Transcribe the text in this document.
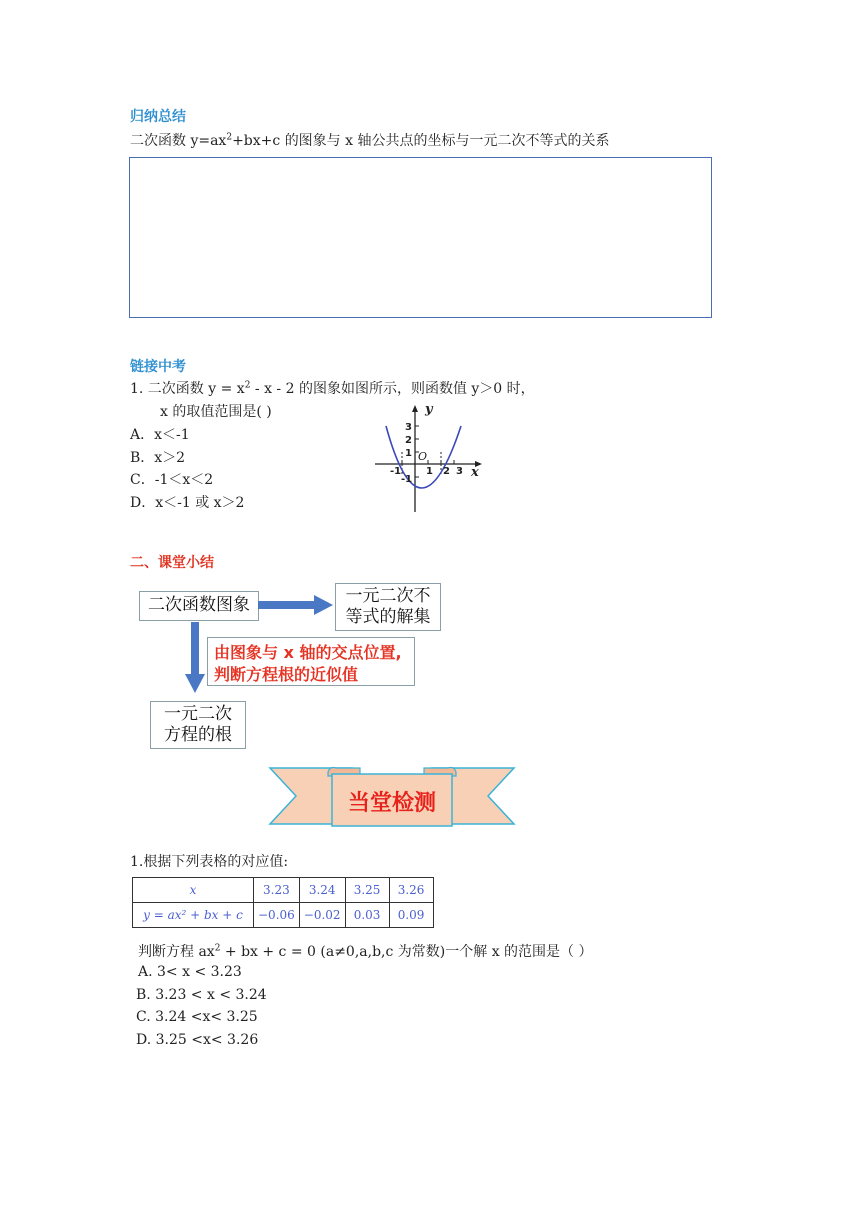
归纳总结
二次函数 $y=ax^2+bx+c$ 的图象与 x 轴公共点的坐标与一元二次不等式的关系
链接中考
1. 二次函数 $y = x^2 - x - 2$ 的图象如图所示，则函数值 y＞0 时，
x 的取值范围是( )
A．x＜-1
B．x＞2
C．-1＜x＜2
D．x＜-1 或 x＞2
y
x
O
3
2
1
-1
-1 1 2 3
二、课堂小结
二次函数图象	一元二次不
等式的解集
由图象与 x 轴的交点位置,
判断方程根的近似值
一元二次
方程的根
当堂检测
1.根据下列表格的对应值:
x	3.23	3.24	3.25	3.26
y = ax² + bx + c	−0.06	−0.02	0.03	0.09
判断方程 $ax^2$ + bx + c = 0 (a≠0,a,b,c 为常数)一个解 x 的范围是（ ）
A. 3< x < 3.23
B. 3.23 < x < 3.24
C. 3.24 <x< 3.25
D. 3.25 <x< 3.26
